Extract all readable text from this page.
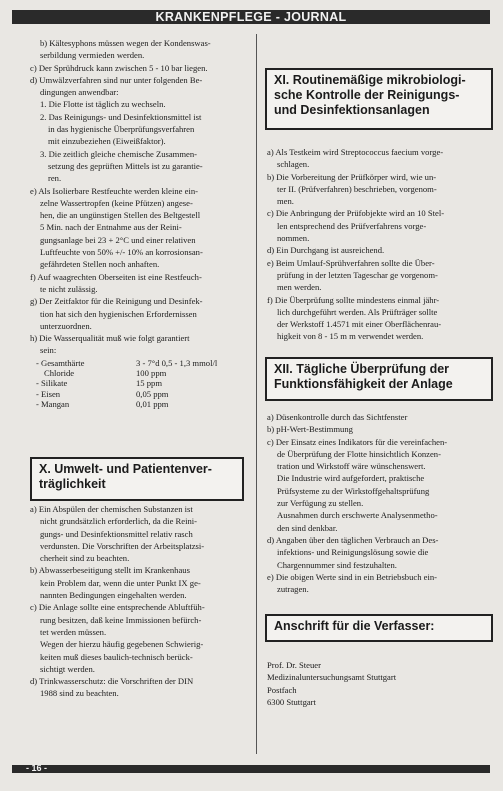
KRANKENPFLEGE - JOURNAL
b) Kältesyphons müssen wegen der Kondenswas-
serbildung vermieden werden.
c) Der Sprühdruck kann zwischen 5 - 10 bar liegen.
d) Umwälzverfahren sind nur unter folgenden Be-
dingungen anwendbar:
1. Die Flotte ist täglich zu wechseln.
2. Das Reinigungs- und Desinfektionsmittel ist
in das hygienische Überprüfungsverfahren
mit einzubeziehen (Eiweißfaktor).
3. Die zeitlich gleiche chemische Zusammen-
setzung des geprüften Mittels ist zu garantie-
ren.
e) Als Isolierbare Restfeuchte werden kleine ein-
zelne Wassertropfen (keine Pfützen) angese-
hen, die an ungünstigen Stellen des Beltgestell
5 Min. nach der Entnahme aus der Reini-
gungsanlage bei 23 + 2°C und einer relativen
Luftfeuchte von 50% +/- 10% an korrosionsan-
gefährdeten Stellen noch anhaften.
f) Auf waagrechten Oberseiten ist eine Restfeuch-
te nicht zulässig.
g) Der Zeitfaktor für die Reinigung und Desinfek-
tion hat sich den hygienischen Erfordernissen
unterzuordnen.
h) Die Wasserqualität muß wie folgt garantiert
sein:
- Gesamthärte	3 - 7°d 0,5 - 1,3 mmol/l
Chloride	100 ppm
- Silikate	15 ppm
- Eisen	0,05 ppm
- Mangan	0,01 ppm
X. Umwelt- und Patientenver-
träglichkeit
a) Ein Abspülen der chemischen Substanzen ist
nicht grundsätzlich erforderlich, da die Reini-
gungs- und Desinfektionsmittel relativ rasch
verdunsten. Die Vorschriften der Arbeitsplatzsi-
cherheit sind zu beachten.
b) Abwasserbeseitigung stellt im Krankenhaus
kein Problem dar, wenn die unter Punkt IX ge-
nannten Bedingungen eingehalten werden.
c) Die Anlage sollte eine entsprechende Abluftfüh-
rung besitzen, daß keine Immissionen befürch-
tet werden müssen.
Wegen der hierzu häufig gegebenen Schwierig-
keiten muß dieses baulich-technisch berück-
sichtigt werden.
d) Trinkwasserschutz: die Vorschriften der DIN
1988 sind zu beachten.
XI. Routinemäßige mikrobiologi-
sche Kontrolle der Reinigungs-
und Desinfektionsanlagen
a) Als Testkeim wird Streptococcus faecium vorge-
schlagen.
b) Die Vorbereitung der Prüfkörper wird, wie un-
ter II. (Prüfverfahren) beschrieben, vorgenom-
men.
c) Die Anbringung der Prüfobjekte wird an 10 Stel-
len entsprechend des Prüfverfahrens vorge-
nommen.
d) Ein Durchgang ist ausreichend.
e) Beim Umlauf-Sprühverfahren sollte die Über-
prüfung in der letzten Tageschar ge vorgenom-
men werden.
f) Die Überprüfung sollte mindestens einmal jähr-
lich durchgeführt werden. Als Prüfträger sollte
der Werkstoff 1.4571 mit einer Oberflächenrau-
higkeit von 8 - 15 m m verwendet werden.
XII. Tägliche Überprüfung der
Funktionsfähigkeit der Anlage
a) Düsenkontrolle durch das Sichtfenster
b) pH-Wert-Bestimmung
c) Der Einsatz eines Indikators für die vereinfachen-
de Überprüfung der Flotte hinsichtlich Konzen-
tration und Wirkstoff wäre wünschenswert.
Die Industrie wird aufgefordert, praktische
Prüfsysteme zu der Wirkstoffgehaltsprüfung
zur Verfügung zu stellen.
Ausnahmen durch erschwerte Analysenmetho-
den sind denkbar.
d) Angaben über den täglichen Verbrauch an Des-
infektions- und Reinigungslösung sowie die
Chargennummer sind festzuhalten.
e) Die obigen Werte sind in ein Betriebsbuch ein-
zutragen.
Anschrift für die Verfasser:
Prof. Dr. Steuer
Medizinaluntersuchungsamt Stuttgart
Postfach
6300 Stuttgart
- 16 -
